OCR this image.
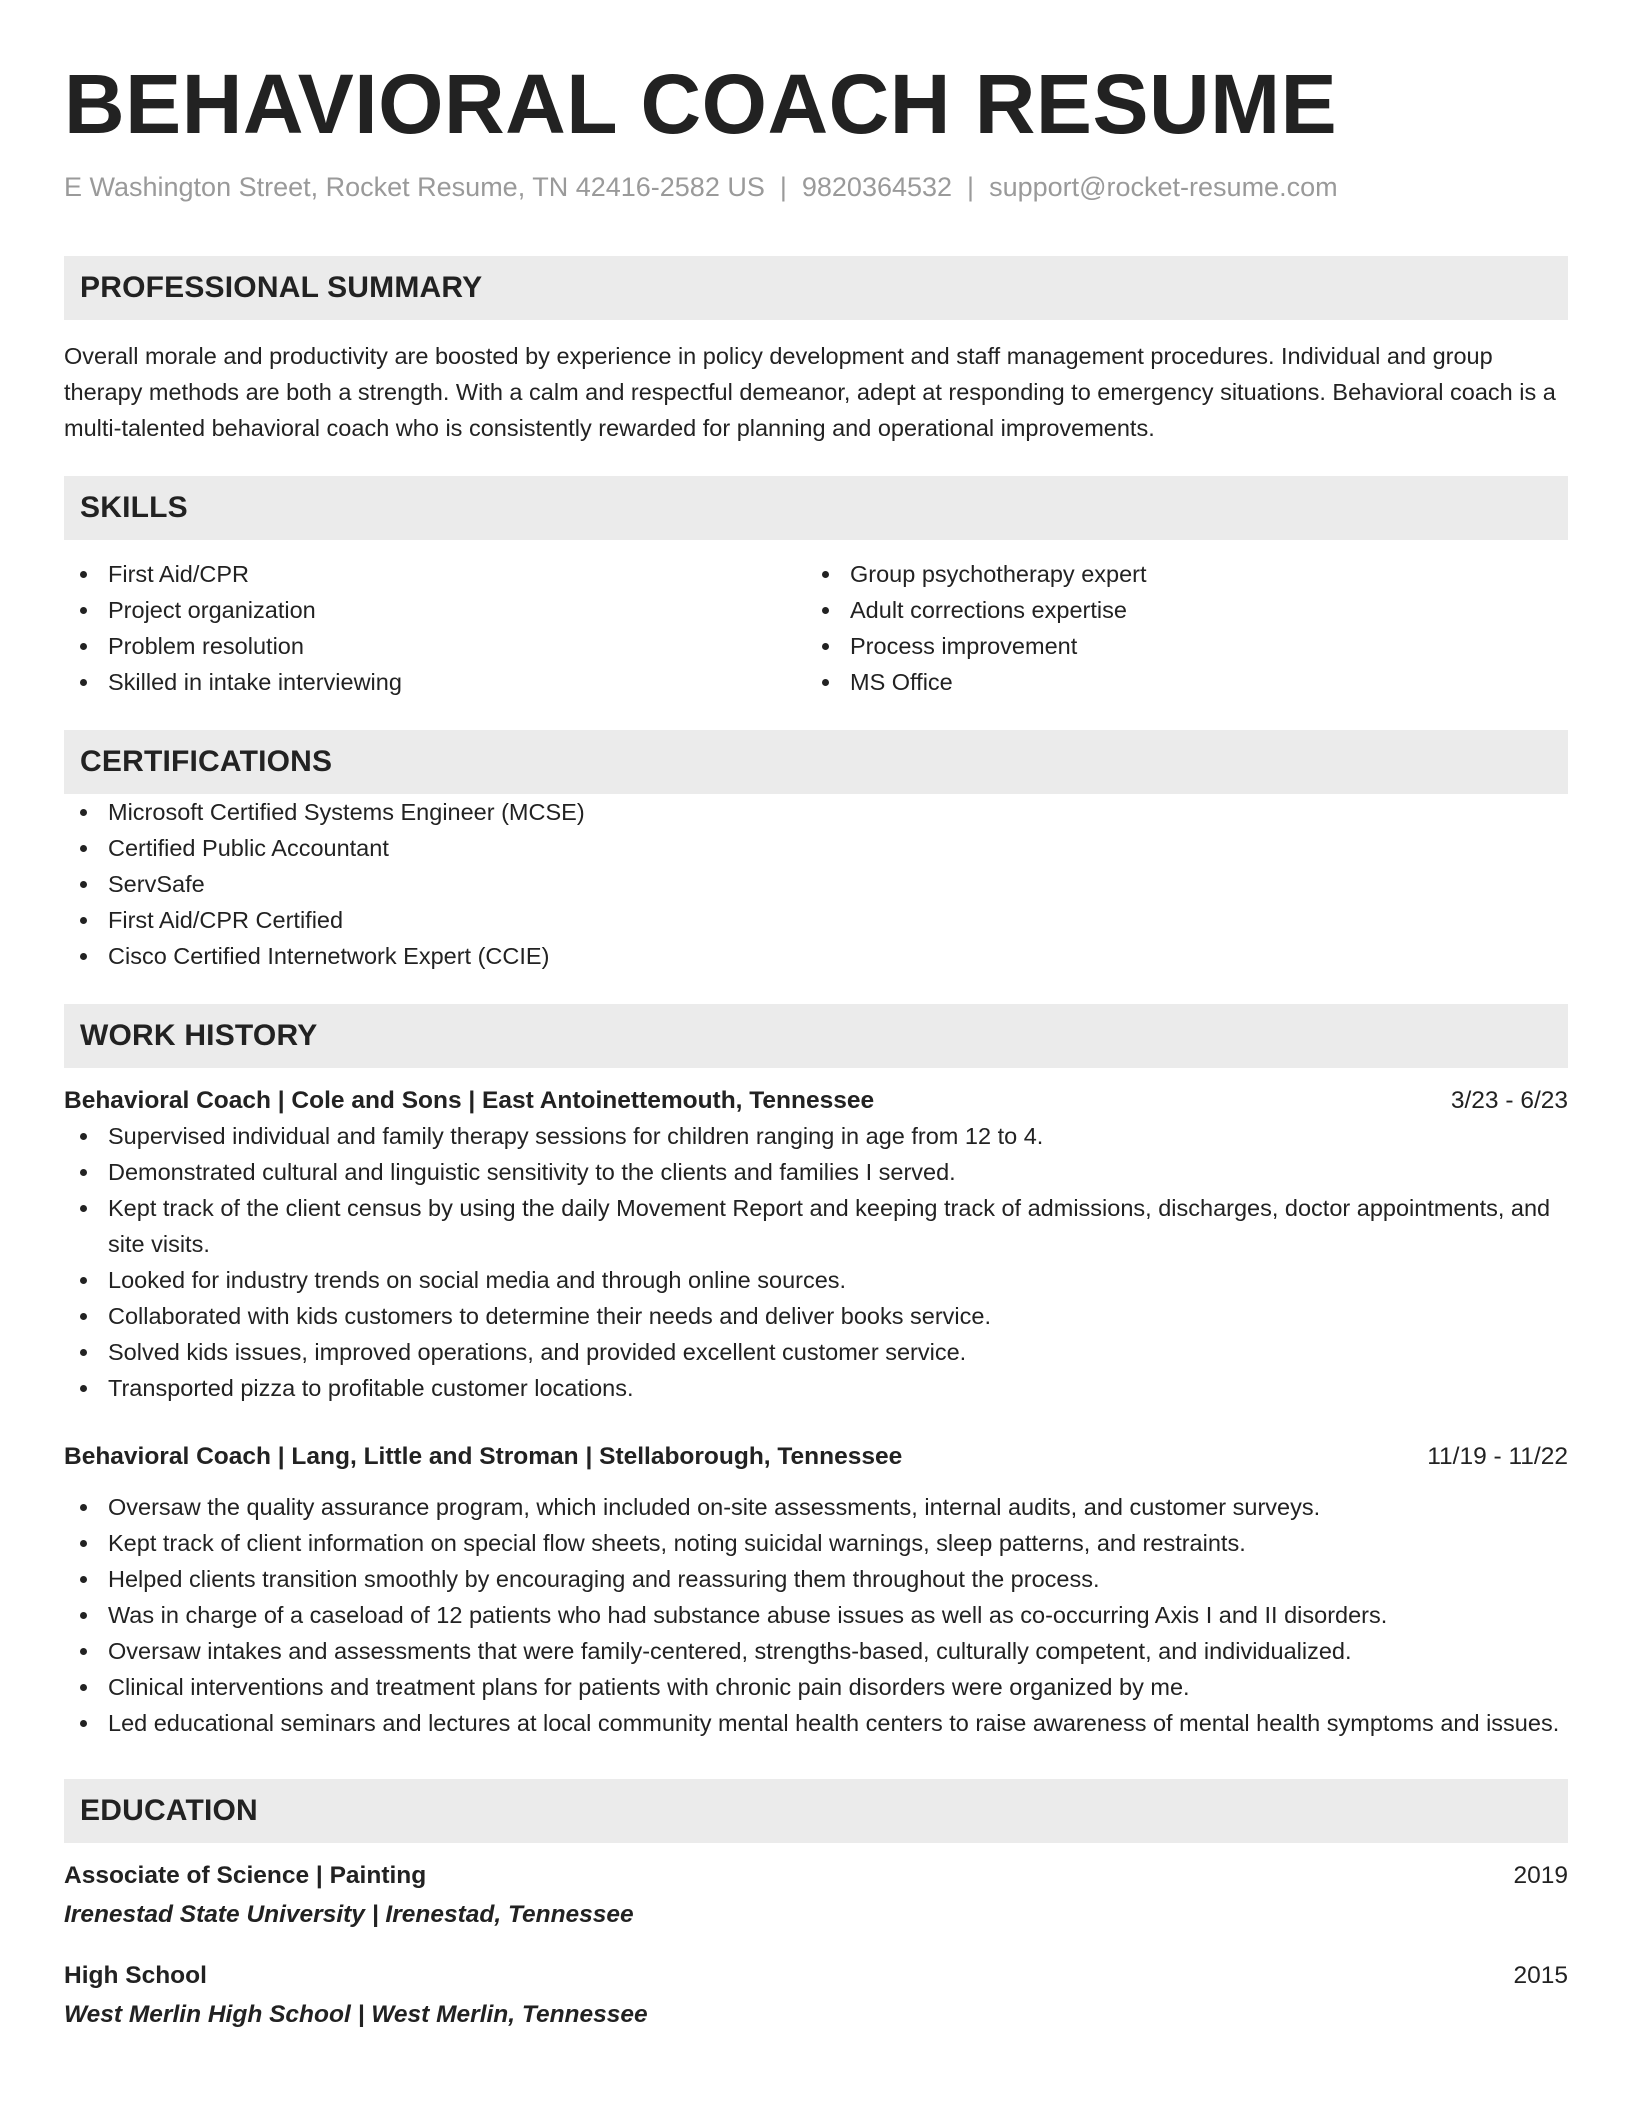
BEHAVIORAL COACH RESUME
E Washington Street, Rocket Resume, TN 42416-2582 US | 9820364532 | support@rocket-resume.com
PROFESSIONAL SUMMARY

Overall morale and productivity are boosted by experience in policy development and staff management procedures. Individual and group therapy methods are both a strength. With a calm and respectful demeanor, adept at responding to emergency situations. Behavioral coach is a multi-talented behavioral coach who is consistently rewarded for planning and operational improvements.

SKILLS
First Aid/CPR
Project organization
Problem resolution
Skilled in intake interviewing
Group psychotherapy expert
Adult corrections expertise
Process improvement
MS Office
CERTIFICATIONS
Microsoft Certified Systems Engineer (MCSE)
Certified Public Accountant
ServSafe
First Aid/CPR Certified
Cisco Certified Internetwork Expert (CCIE)
WORK HISTORY
Behavioral Coach | Cole and Sons | East Antoinettemouth, Tennessee	3/23 - 6/23
Supervised individual and family therapy sessions for children ranging in age from 12 to 4.
Demonstrated cultural and linguistic sensitivity to the clients and families I served.
Kept track of the client census by using the daily Movement Report and keeping track of admissions, discharges, doctor appointments, and site visits.
Looked for industry trends on social media and through online sources.
Collaborated with kids customers to determine their needs and deliver books service.
Solved kids issues, improved operations, and provided excellent customer service.
Transported pizza to profitable customer locations.
Behavioral Coach | Lang, Little and Stroman | Stellaborough, Tennessee	11/19 - 11/22
Oversaw the quality assurance program, which included on-site assessments, internal audits, and customer surveys.
Kept track of client information on special flow sheets, noting suicidal warnings, sleep patterns, and restraints.
Helped clients transition smoothly by encouraging and reassuring them throughout the process.
Was in charge of a caseload of 12 patients who had substance abuse issues as well as co-occurring Axis I and II disorders.
Oversaw intakes and assessments that were family-centered, strengths-based, culturally competent, and individualized.
Clinical interventions and treatment plans for patients with chronic pain disorders were organized by me.
Led educational seminars and lectures at local community mental health centers to raise awareness of mental health symptoms and issues.
EDUCATION
Associate of Science | Painting	2019
Irenestad State University | Irenestad, Tennessee
High School	2015
West Merlin High School | West Merlin, Tennessee
